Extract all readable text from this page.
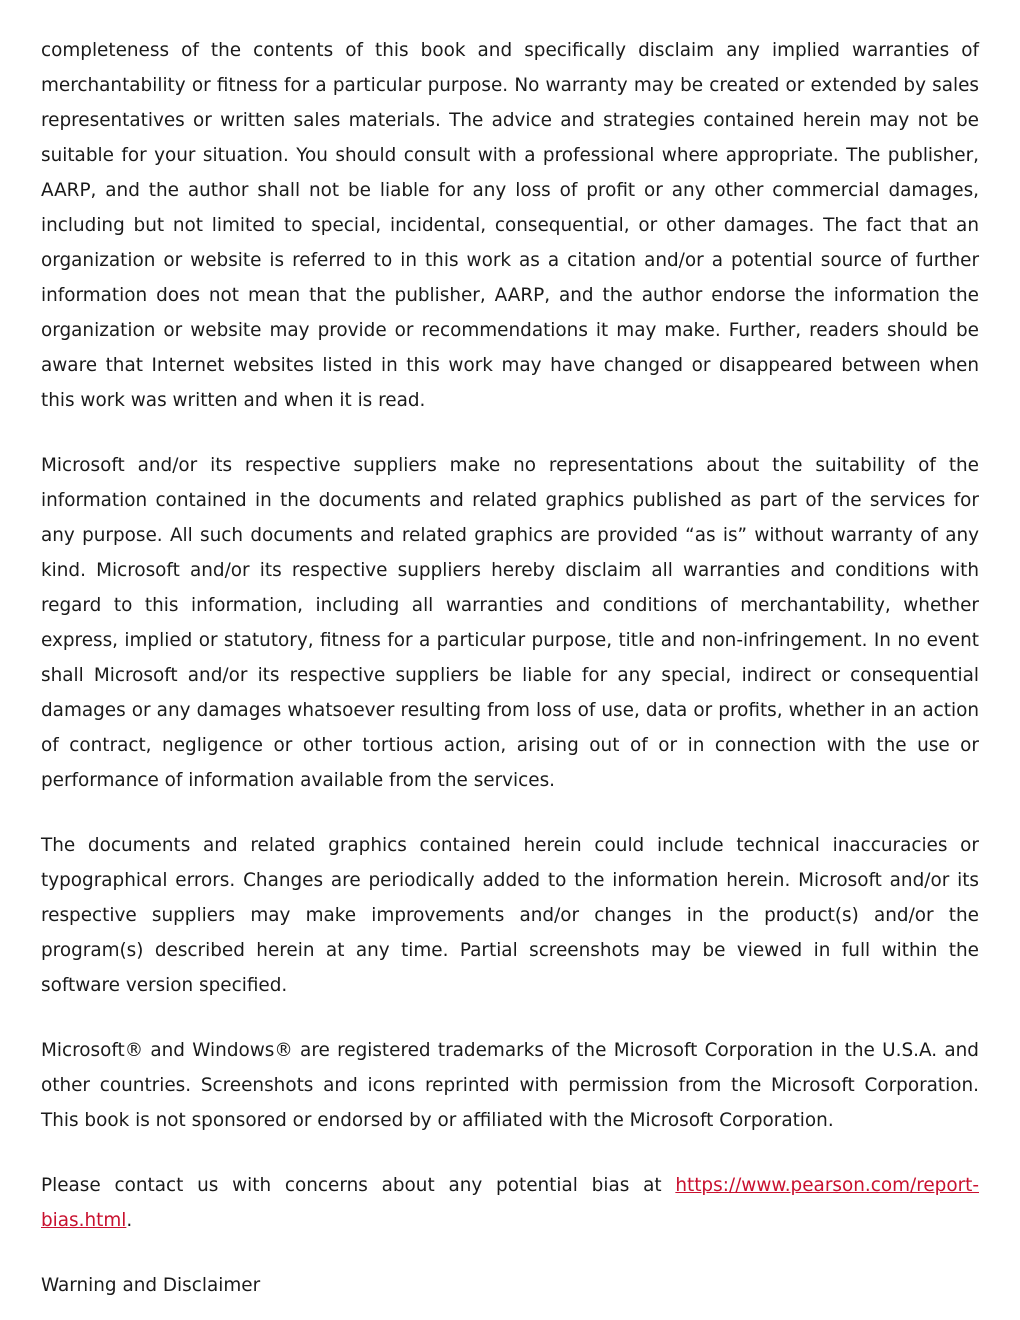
completeness of the contents of this book and specifically disclaim any implied warranties of merchantability or fitness for a particular purpose. No warranty may be created or extended by sales representatives or written sales materials. The advice and strategies contained herein may not be suitable for your situation. You should consult with a professional where appropriate. The publisher, AARP, and the author shall not be liable for any loss of profit or any other commercial damages, including but not limited to special, incidental, consequential, or other damages. The fact that an organization or website is referred to in this work as a citation and/or a potential source of further information does not mean that the publisher, AARP, and the author endorse the information the organization or website may provide or recommendations it may make. Further, readers should be aware that Internet websites listed in this work may have changed or disappeared between when this work was written and when it is read.

Microsoft and/or its respective suppliers make no representations about the suitability of the information contained in the documents and related graphics published as part of the services for any purpose. All such documents and related graphics are provided “as is” without warranty of any kind. Microsoft and/or its respective suppliers hereby disclaim all warranties and conditions with regard to this information, including all warranties and conditions of merchantability, whether express, implied or statutory, fitness for a particular purpose, title and non-infringement. In no event shall Microsoft and/or its respective suppliers be liable for any special, indirect or consequential damages or any damages whatsoever resulting from loss of use, data or profits, whether in an action of contract, negligence or other tortious action, arising out of or in connection with the use or performance of information available from the services.

The documents and related graphics contained herein could include technical inaccuracies or typographical errors. Changes are periodically added to the information herein. Microsoft and/or its respective suppliers may make improvements and/or changes in the product(s) and/or the program(s) described herein at any time. Partial screenshots may be viewed in full within the software version specified.

Microsoft® and Windows® are registered trademarks of the Microsoft Corporation in the U.S.A. and other countries. Screenshots and icons reprinted with permission from the Microsoft Corporation. This book is not sponsored or endorsed by or affiliated with the Microsoft Corporation.

Please contact us with concerns about any potential bias at https://www.pearson.com/report-bias.html.

Warning and Disclaimer
